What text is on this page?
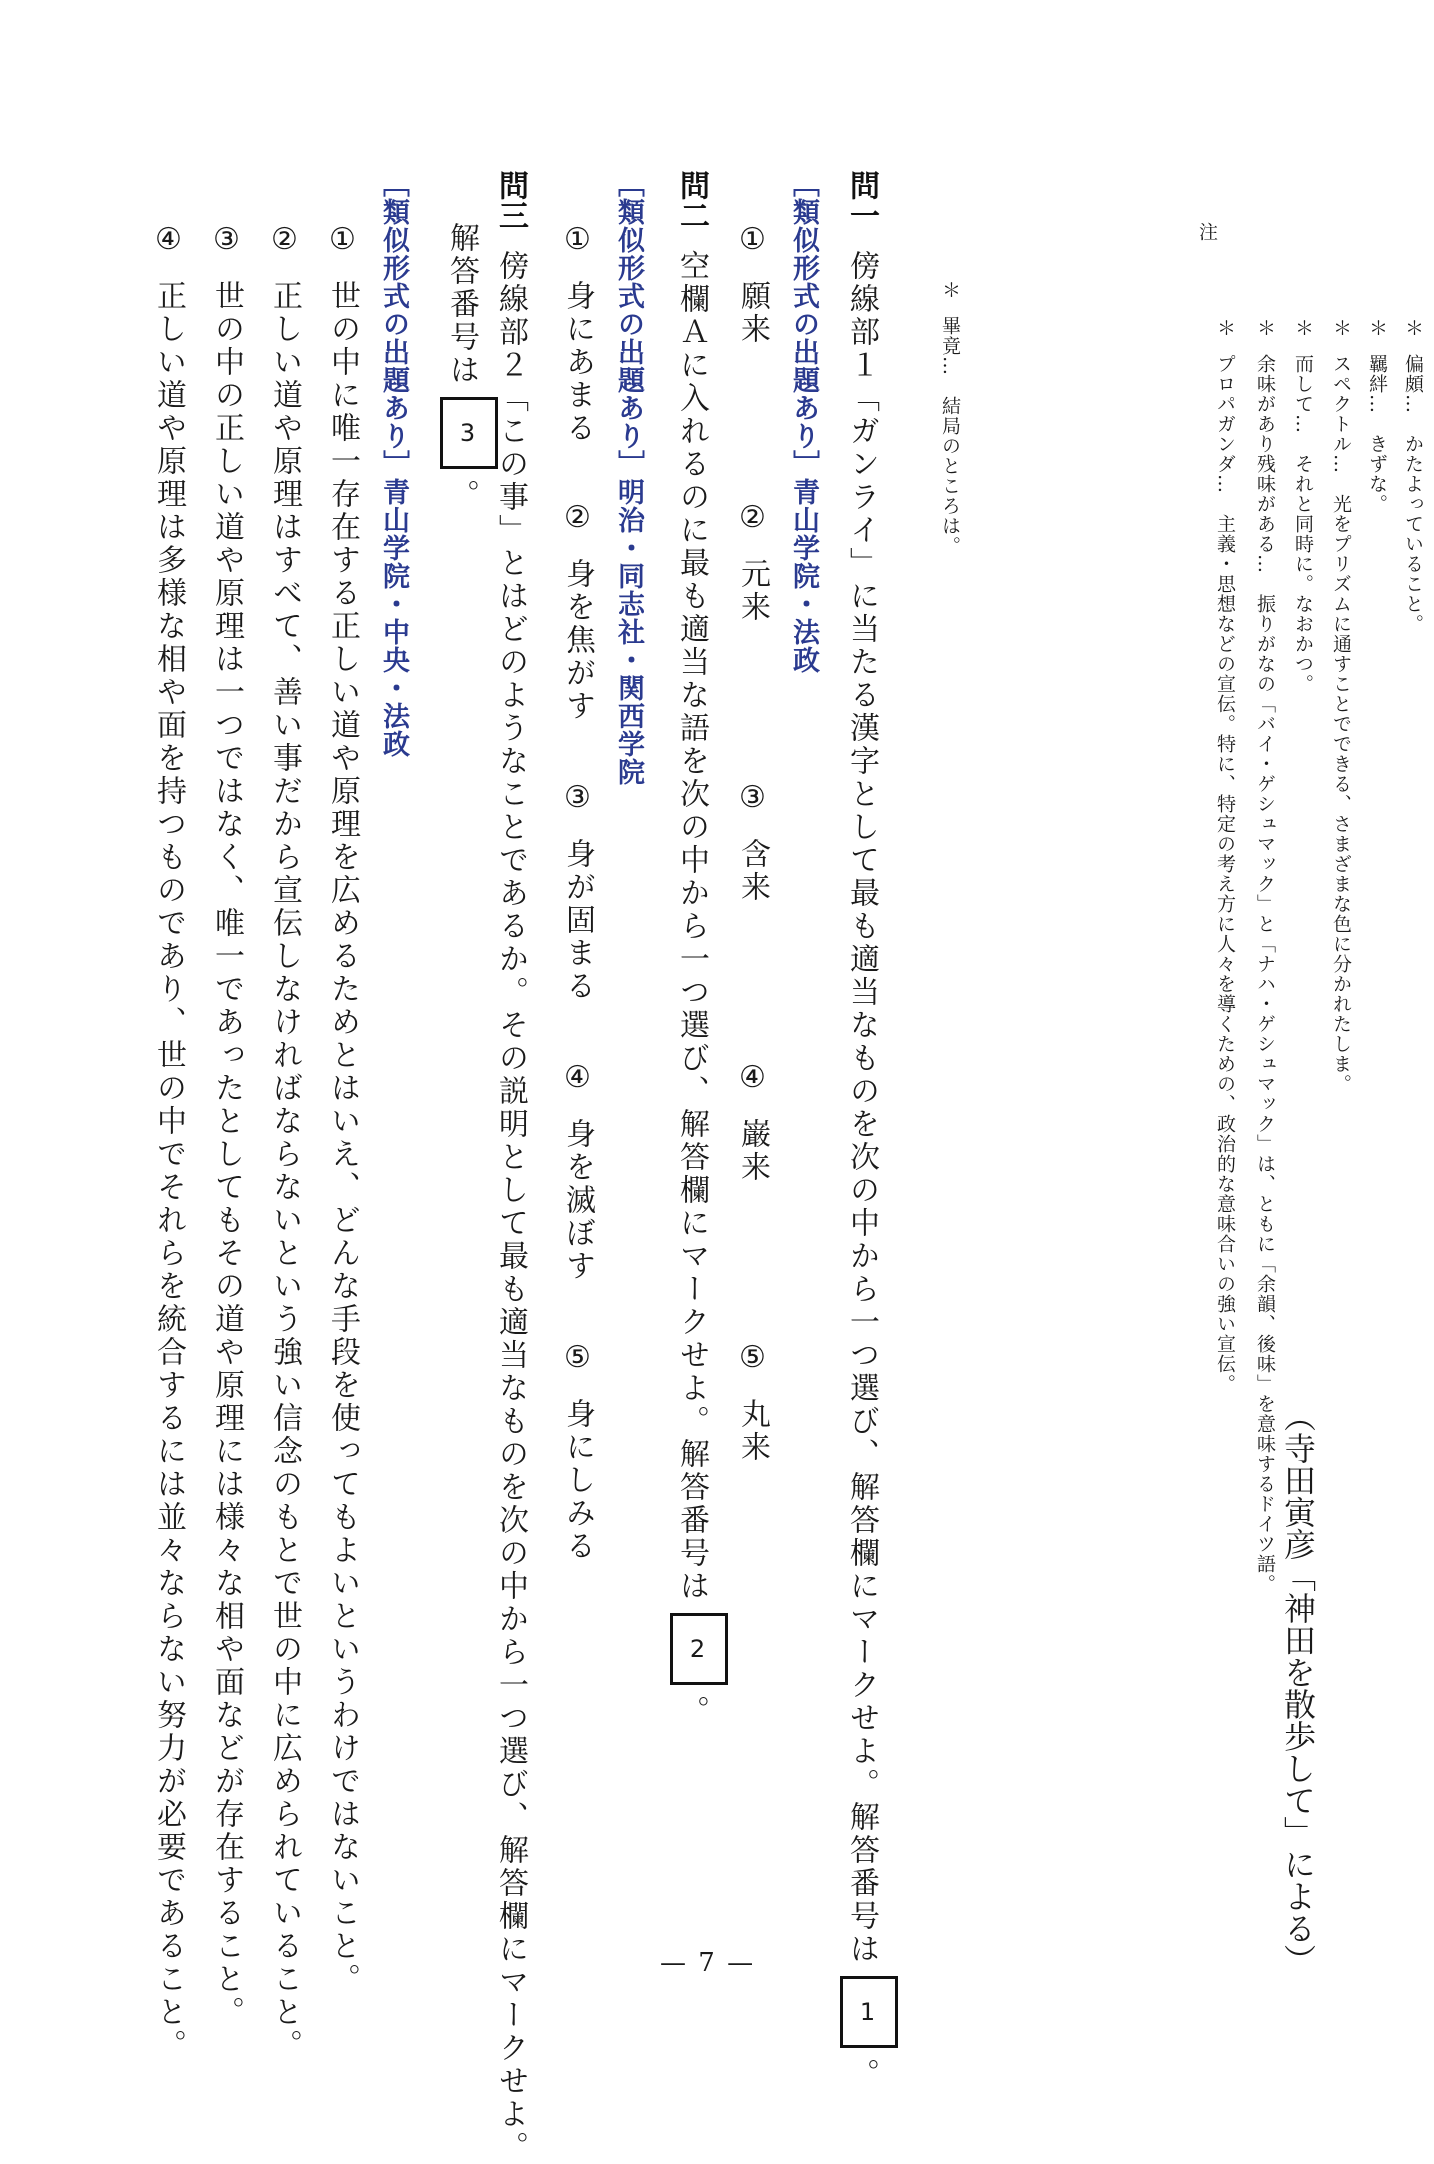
（寺田寅彦「神田を散歩して」による）
注
＊プロパガンダ…　主義・思想などの宣伝。特に、特定の考え方に人々を導くための、政治的な意味合いの強い宣伝。
＊余味があり残味がある…　振りがなの「バイ・ゲシュマック」と「ナハ・ゲシュマック」は、ともに「余韻、後味」を意味するドイツ語。
＊而して…　それと同時に。なおかつ。
＊スペクトル…　光をプリズムに通すことでできる、さまざまな色に分かれたしま。
＊羈絆…　きずな。
＊偏頗…　かたよっていること。
＊畢竟…　結局のところは。
問一傍線部１「ガンライ」に当たる漢字として最も適当なものを次の中から一つ選び、解答欄にマークせよ。解答番号は1。
［類似形式の出題あり］青山学院・法政
①願来
②元来
③含来
④巌来
⑤丸来
問二空欄Ａに入れるのに最も適当な語を次の中から一つ選び、解答欄にマークせよ。解答番号は2。
［類似形式の出題あり］明治・同志社・関西学院
①身にあまる
②身を焦がす
③身が固まる
④身を滅ぼす
⑤身にしみる
問三傍線部２「この事」とはどのようなことであるか。その説明として最も適当なものを次の中から一つ選び、解答欄にマークせよ。
解答番号は3。
［類似形式の出題あり］青山学院・中央・法政
①世の中に唯一存在する正しい道や原理を広めるためとはいえ、どんな手段を使ってもよいというわけではないこと。
②正しい道や原理はすべて、善い事だから宣伝しなければならないという強い信念のもとで世の中に広められていること。
③世の中の正しい道や原理は一つではなく、唯一であったとしてもその道や原理には様々な相や面などが存在すること。
④正しい道や原理は多様な相や面を持つものであり、世の中でそれらを統合するには並々ならない努力が必要であること。	— 7 —
